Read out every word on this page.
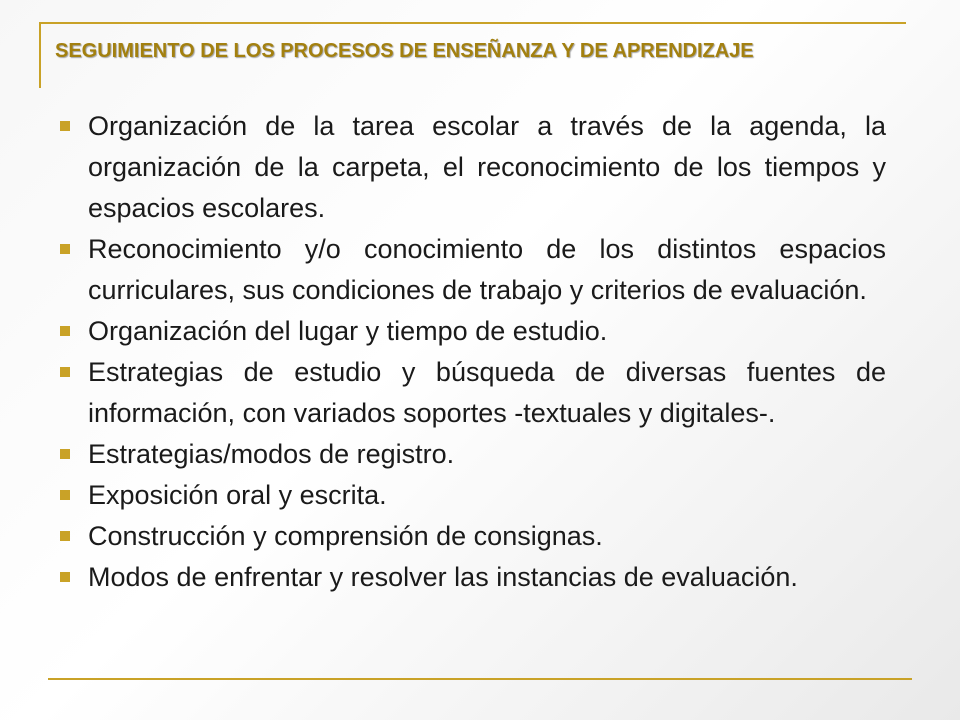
SEGUIMIENTO DE LOS PROCESOS DE ENSEÑANZA Y DE APRENDIZAJE
Organización de la tarea escolar a través de la agenda, la organización de la carpeta, el reconocimiento de los tiempos y espacios escolares.
Reconocimiento y/o conocimiento de los distintos espacios curriculares, sus condiciones de trabajo y criterios de evaluación.
Organización del lugar y tiempo de estudio.
Estrategias de estudio y búsqueda de diversas fuentes de información, con variados soportes -textuales y digitales-.
Estrategias/modos de registro.
Exposición oral y escrita.
Construcción y comprensión de consignas.
Modos de enfrentar y resolver las instancias de evaluación.
